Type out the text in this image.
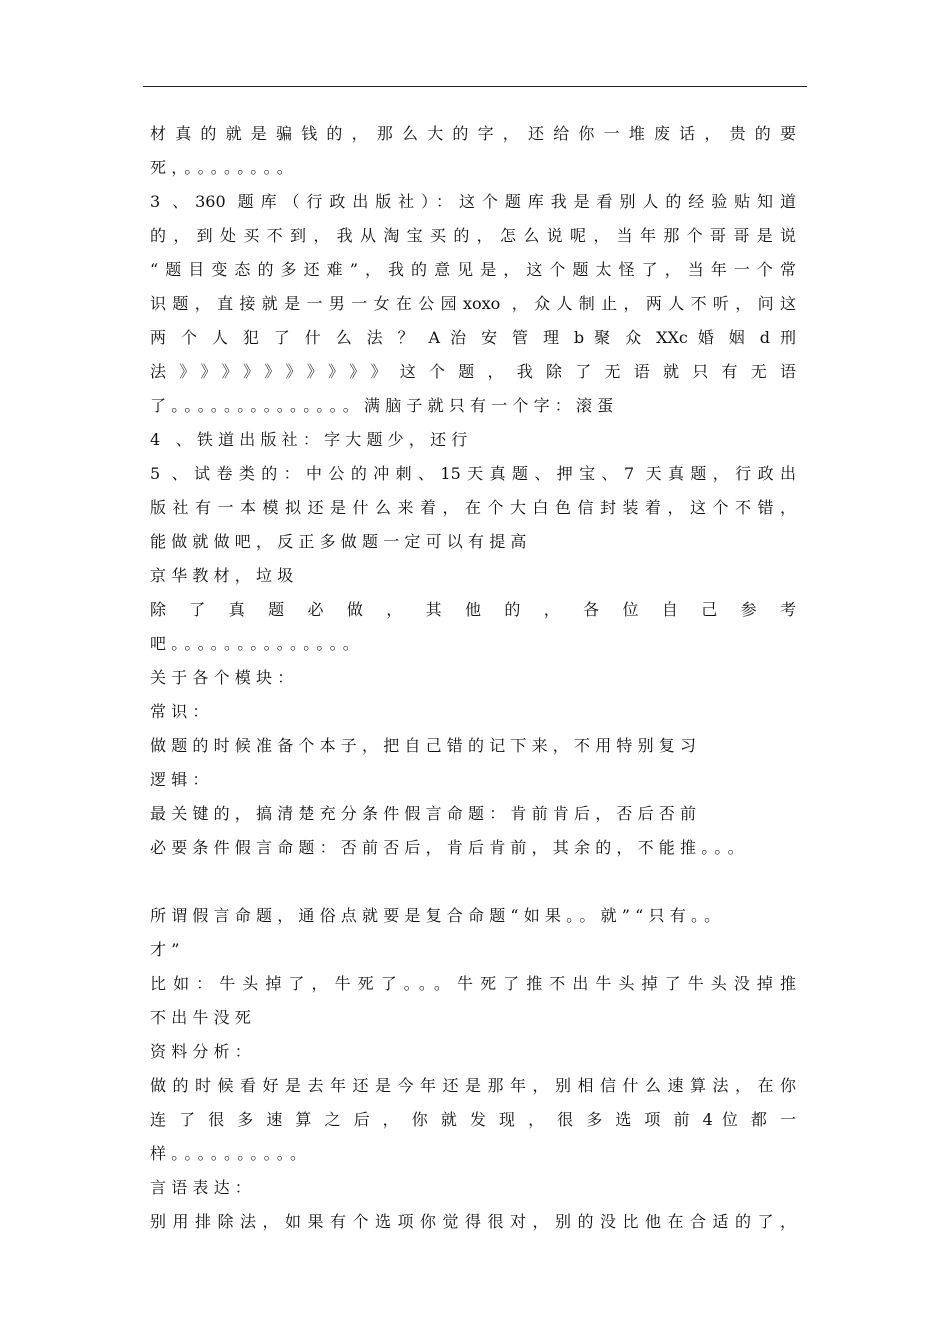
材真的就是骗钱的，那么大的字，还给你一堆废话，贵的要
死，。。。。。。。。
3 、360 题库（行政出版社）：这个题库我是看别人的经验贴知道
的，到处买不到，我从淘宝买的，怎么说呢，当年那个哥哥是说
“题目变态的多还难”，我的意见是，这个题太怪了，当年一个常
识题，直接就是一男一女在公园xoxo ，众人制止，两人不听，问这
两 个 人 犯 了 什 么 法 ？ A 治 安 管 理 b 聚 众 XXc 婚 姻 d 刑
法》》》》》》》》》》这个题，我除了无语就只有无语
了。。。。。。。。。。。。。。满脑子就只有一个字：滚蛋
4 、铁道出版社：字大题少，还行
5 、试卷类的：中公的冲刺、15天真题、押宝、7 天真题，行政出
版社有一本模拟还是什么来着，在个大白色信封装着，这个不错，
能做就做吧，反正多做题一定可以有提高
京华教材，垃圾
除 了 真 题 必 做 ， 其 他 的 ， 各 位 自 己 参 考
吧。。。。。。。。。。。。。。
关于各个模块：
常识：
做题的时候准备个本子，把自己错的记下来，不用特别复习
逻辑：
最关键的，搞清楚充分条件假言命题：肯前肯后，否后否前
必要条件假言命题：否前否后，肯后肯前，其余的，不能推。。。
所谓假言命题，通俗点就要是复合命题“如果。。就”“只有。。
才”
比如：牛头掉了，牛死了。。。牛死了推不出牛头掉了牛头没掉推
不出牛没死
资料分析：
做的时候看好是去年还是今年还是那年，别相信什么速算法，在你
连 了 很 多 速 算 之 后 ， 你 就 发 现 ， 很 多 选 项 前 4 位 都 一
样。。。。。。。。。。
言语表达：
别用排除法，如果有个选项你觉得很对，别的没比他在合适的了，
